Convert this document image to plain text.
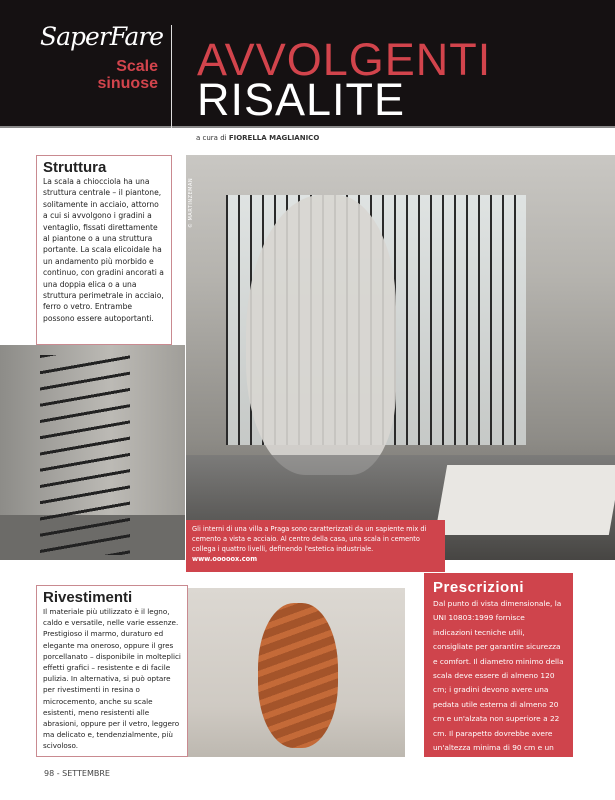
SaperFare
Scale
sinuose AVVOLGENTI
RISALITE
a cura di FIORELLA MAGLIANICO
© MARTINZEMAN
Struttura

La scala a chiocciola ha una struttura centrale – il piantone, solitamente in acciaio, attorno a cui si avvolgono i gradini a ventaglio, fissati direttamente al piantone o a una struttura portante. La scala elicoidale ha un andamento più morbido e continuo, con gradini ancorati a una doppia elica o a una struttura perimetrale in acciaio, ferro o vetro. Entrambe possono essere autoportanti.

Gli interni di una villa a Praga sono caratterizzati da un sapiente mix di cemento a vista e acciaio. Al centro della casa, una scala in cemento collega i quattro livelli, definendo l'estetica industriale.
www.ooooox.com
Rivestimenti

Il materiale più utilizzato è il legno, caldo e versatile, nelle varie essenze. Prestigioso il marmo, duraturo ed elegante ma oneroso, oppure il gres porcellanato – disponibile in molteplici effetti grafici – resistente e di facile pulizia. In alternativa, si può optare per rivestimenti in resina o microcemento, anche su scale esistenti, meno resistenti alle abrasioni, oppure per il vetro, leggero ma delicato e, tendenzialmente, più scivoloso.

Prescrizioni

Dal punto di vista dimensionale, la UNI 10803:1999 fornisce indicazioni tecniche utili, consigliate per garantire sicurezza e comfort. Il diametro minimo della scala deve essere di almeno 120 cm; i gradini devono avere una pedata utile esterna di almeno 20 cm e un'alzata non superiore a 22 cm. Il parapetto dovrebbe avere un'altezza minima di 90 cm e un corrimano comodo da afferrare.

98 - SETTEMBRE
